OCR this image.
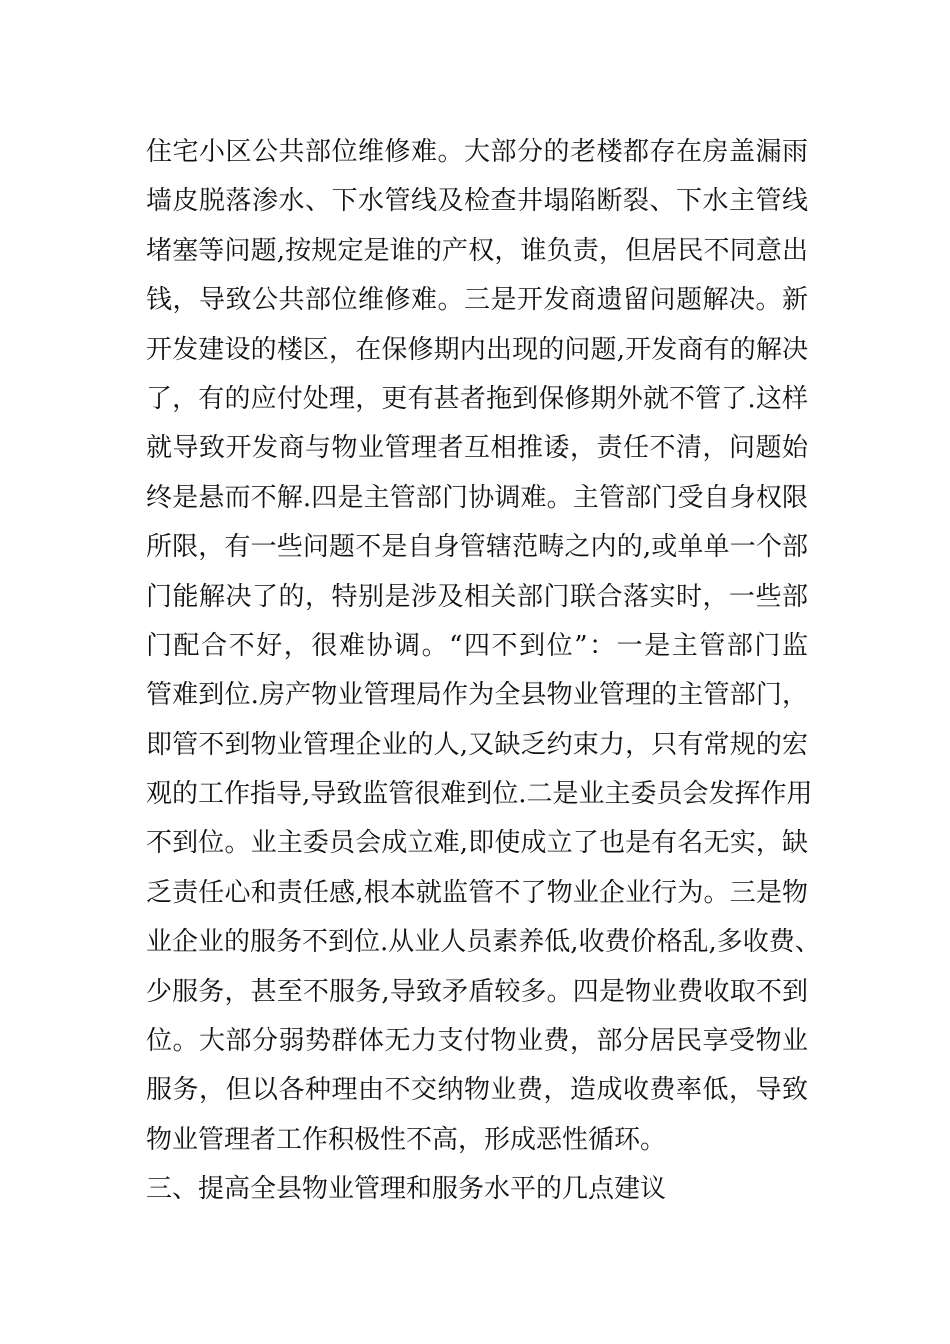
住宅小区公共部位维修难。大部分的老楼都存在房盖漏雨
墙皮脱落渗水、下水管线及检查井塌陷断裂、下水主管线
堵塞等问题,按规定是谁的产权，谁负责，但居民不同意出
钱，导致公共部位维修难。三是开发商遗留问题解决。新
开发建设的楼区，在保修期内出现的问题,开发商有的解决
了，有的应付处理，更有甚者拖到保修期外就不管了.这样
就导致开发商与物业管理者互相推诿，责任不清，问题始
终是悬而不解.四是主管部门协调难。主管部门受自身权限
所限，有一些问题不是自身管辖范畴之内的,或单单一个部
门能解决了的，特别是涉及相关部门联合落实时，一些部
门配合不好，很难协调。“四不到位”：一是主管部门监
管难到位.房产物业管理局作为全县物业管理的主管部门，
即管不到物业管理企业的人,又缺乏约束力，只有常规的宏
观的工作指导,导致监管很难到位.二是业主委员会发挥作用
不到位。业主委员会成立难,即使成立了也是有名无实，缺
乏责任心和责任感,根本就监管不了物业企业行为。三是物
业企业的服务不到位.从业人员素养低,收费价格乱,多收费、
少服务，甚至不服务,导致矛盾较多。四是物业费收取不到
位。大部分弱势群体无力支付物业费，部分居民享受物业
服务，但以各种理由不交纳物业费，造成收费率低，导致
物业管理者工作积极性不高，形成恶性循环。
三、提高全县物业管理和服务水平的几点建议
